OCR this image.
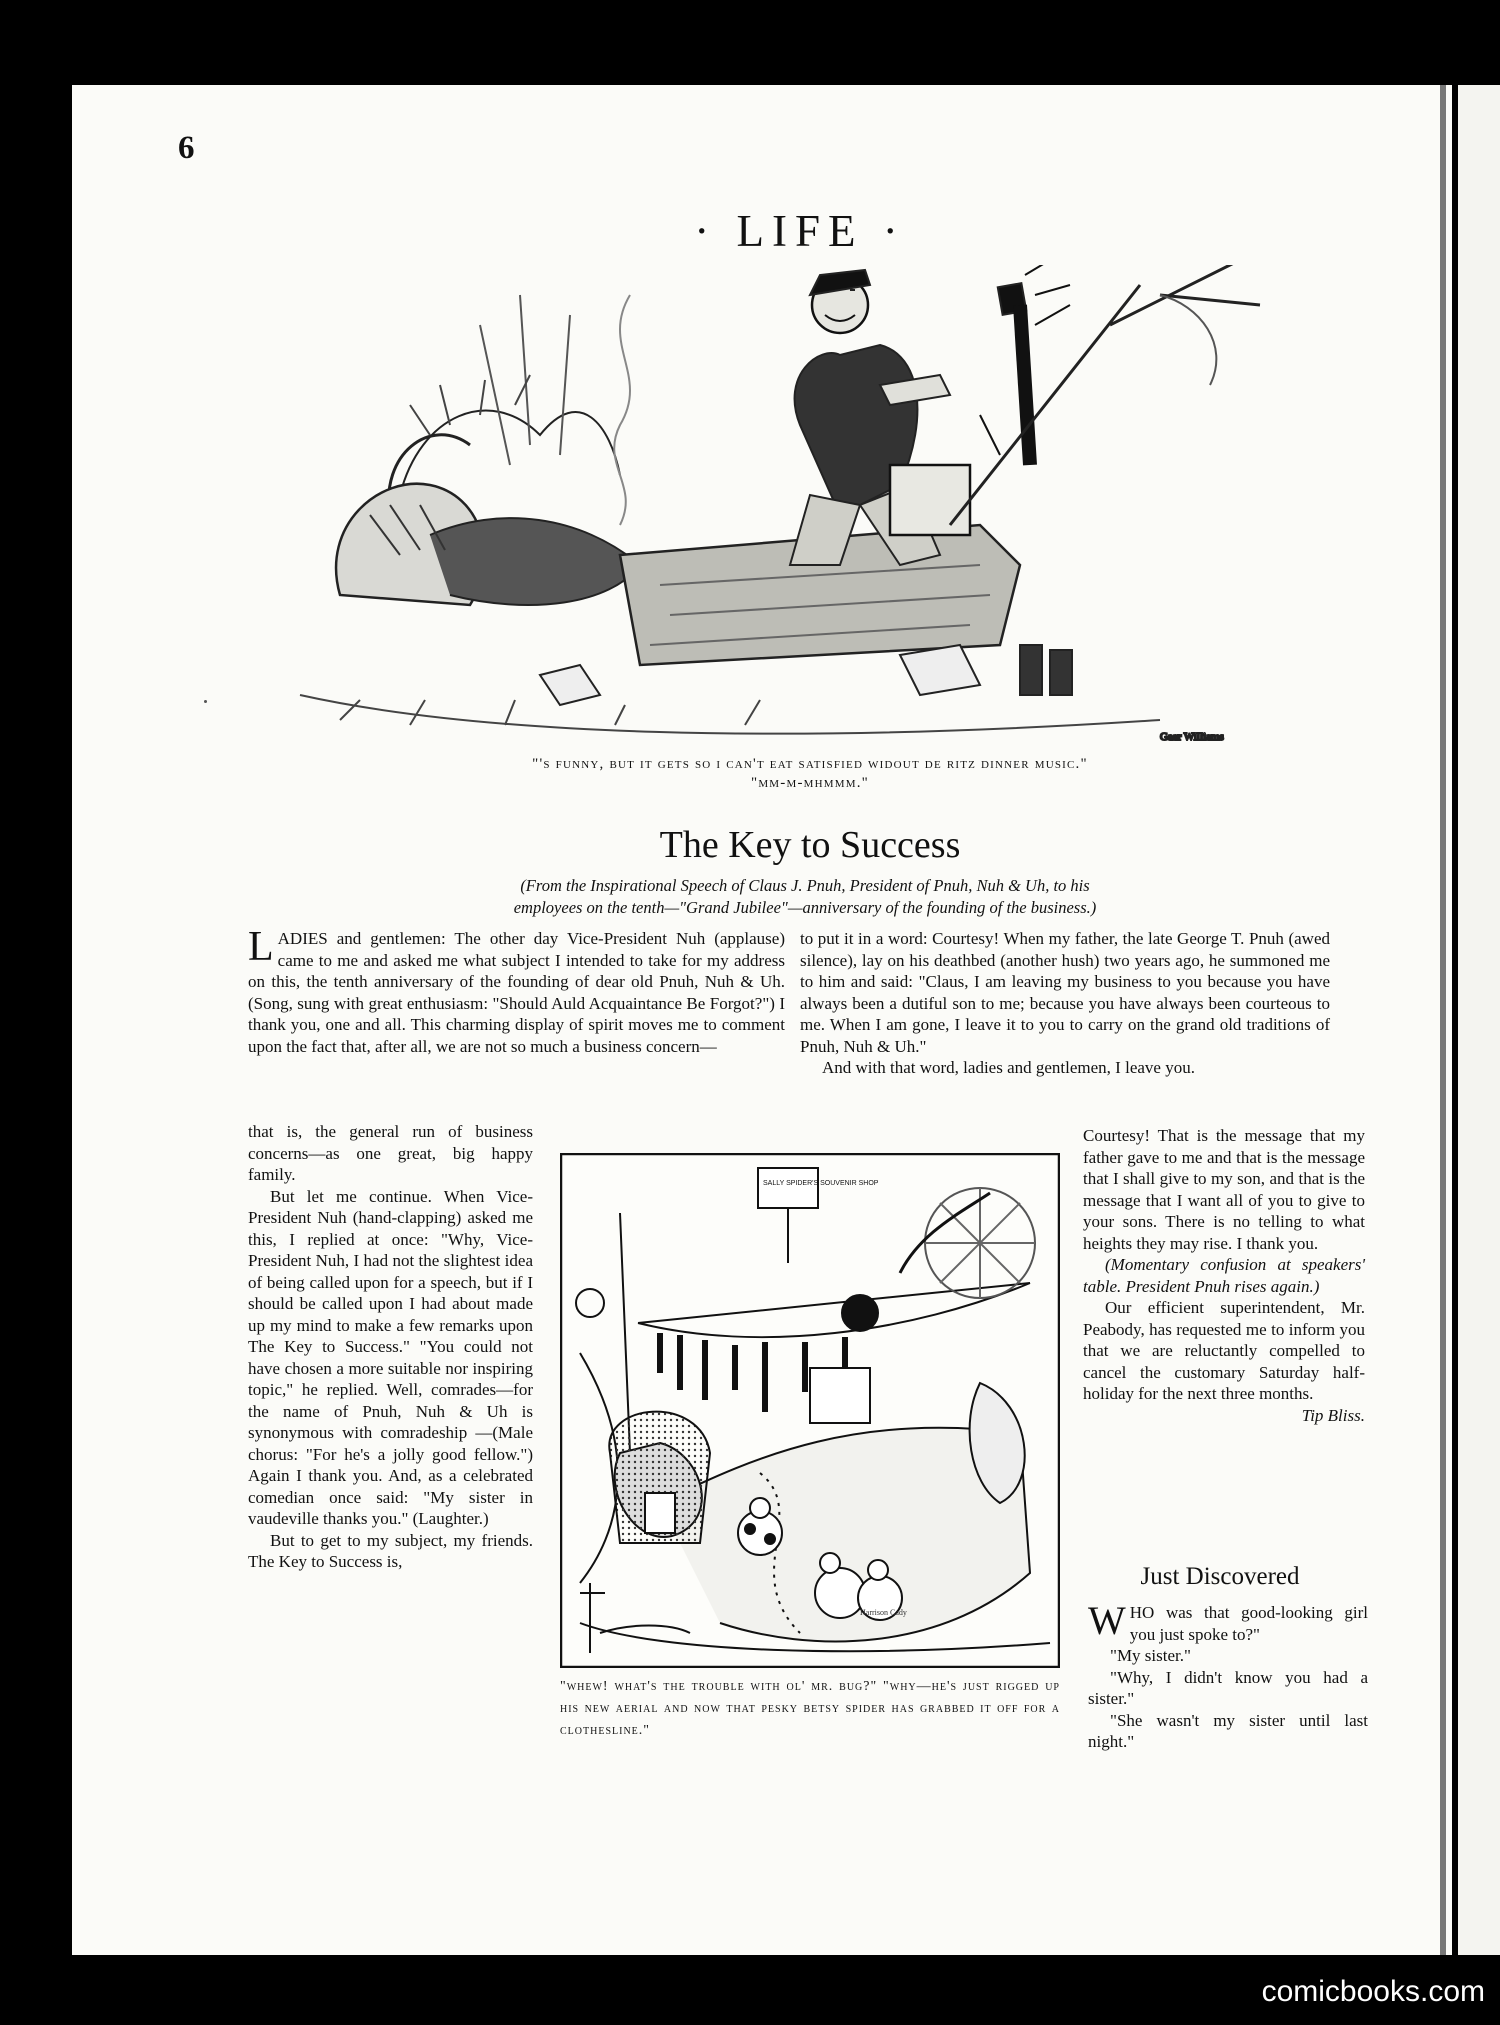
6
· LIFE ·
Gaar Williams
"'s funny, but it gets so i can't eat satisfied widout de ritz dinner music."
"mm-m-mhmmm."
The Key to Success
(From the Inspirational Speech of Claus J. Pnuh, President of Pnuh, Nuh & Uh, to his
employees on the tenth—"Grand Jubilee"—anniversary of the founding of the business.)

L ADIES and gentlemen: The other day Vice-President Nuh (applause) came to me and asked me what subject I intended to take for my address on this, the tenth anniversary of the founding of dear old Pnuh, Nuh & Uh. (Song, sung with great enthusiasm: "Should Auld Acquaintance Be Forgot?") I thank you, one and all. This charming display of spirit moves me to comment upon the fact that, after all, we are not so much a business concern—

that is, the general run of business concerns—as one great, big happy family.

But let me continue. When Vice-President Nuh (hand-clapping) asked me this, I replied at once: "Why, Vice-President Nuh, I had not the slightest idea of being called upon for a speech, but if I should be called upon I had about made up my mind to make a few remarks upon The Key to Success." "You could not have chosen a more suitable nor inspiring topic," he replied. Well, comrades—for the name of Pnuh, Nuh & Uh is synonymous with comradeship —(Male chorus: "For he's a jolly good fellow.") Again I thank you. And, as a celebrated comedian once said: "My sister in vaudeville thanks you." (Laughter.)

But to get to my subject, my friends. The Key to Success is,

to put it in a word: Courtesy! When my father, the late George T. Pnuh (awed silence), lay on his deathbed (another hush) two years ago, he summoned me to him and said: "Claus, I am leaving my business to you because you have always been a dutiful son to me; because you have always been courteous to me. When I am gone, I leave it to you to carry on the grand old traditions of Pnuh, Nuh & Uh."

And with that word, ladies and gentlemen, I leave you.

Courtesy! That is the message that my father gave to me and that is the message that I shall give to my son, and that is the message that I want all of you to give to your sons. There is no telling to what heights they may rise. I thank you.

(Momentary confusion at speakers' table. President Pnuh rises again.)

Our efficient superintendent, Mr. Peabody, has requested me to inform you that we are reluctantly compelled to cancel the customary Saturday half-holiday for the next three months.

Tip Bliss.
SALLY SPIDER'S SOUVENIR SHOP
Harrison Cady
"whew! what's the trouble with ol' mr. bug?" "why—he's just rigged up his new aerial and now that pesky betsy spider has grabbed it off for a clothesline."
Just Discovered

W HO was that good-looking girl you just spoke to?"

"My sister."

"Why, I didn't know you had a sister."

"She wasn't my sister until last night."

comicbooks.com
